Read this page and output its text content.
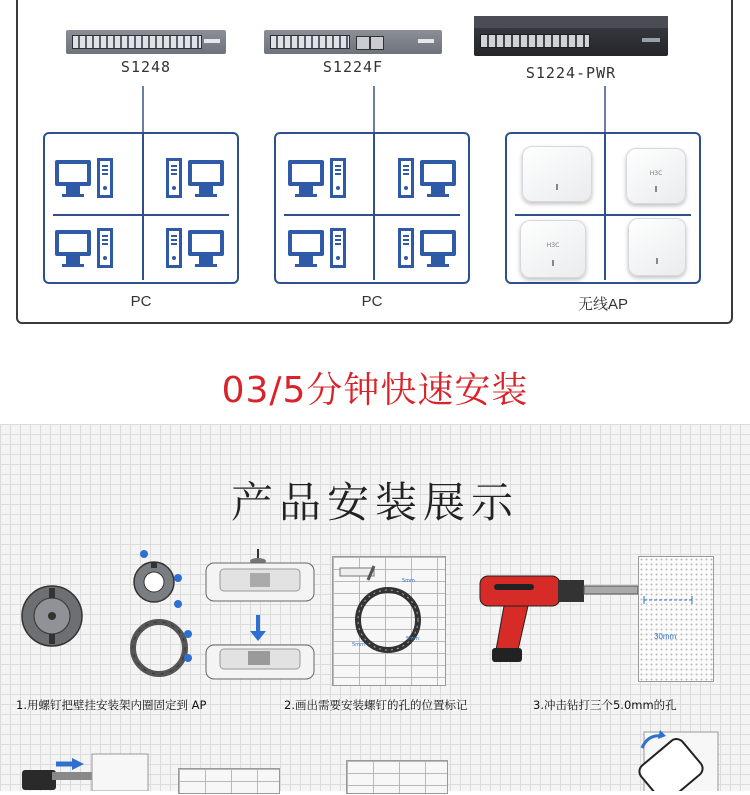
S1248	S1224F	S1224-PWR
H3C
H3C
PC	PC	无线AP
03/5分钟快速安装
产品安装展示
5mm
5mm
5mm	30mm
1.用螺钉把壁挂安装架内圈固定到 AP	2.画出需要安装螺钉的孔的位置标记	3.冲击钻打三个5.0mm的孔
